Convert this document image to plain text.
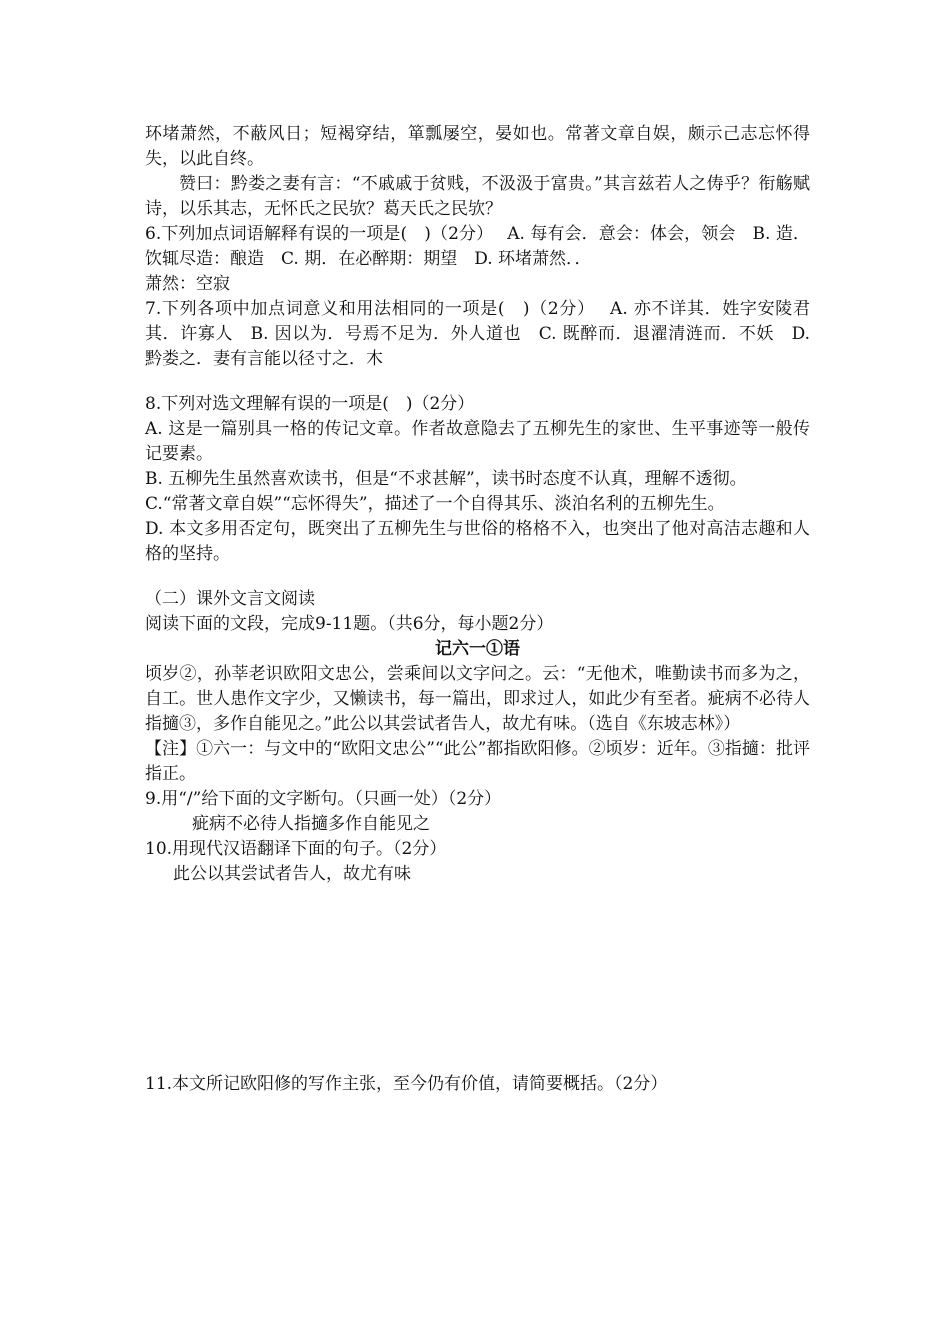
环堵萧然，不蔽风日；短褐穿结，箪瓢屡空，晏如也。常著文章自娱，颇示己志忘怀得失，以此自终。

赞曰：黔娄之妻有言：“不戚戚于贫贱，不汲汲于富贵。”其言兹若人之俦乎？衔觞赋诗，以乐其志，无怀氏之民欤？葛天氏之民欤？

6.下列加点词语解释有误的一项是(　)（2分）　 A. 每有会．意会：体会，领会　B. 造．饮辄尽造：酿造　C. 期．在必醉期：期望　D. 环堵萧然．．

萧然：空寂

7.下列各项中加点词意义和用法相同的一项是(　)（2分）　 A. 亦不详其．姓字安陵君其．许寡人　B. 因以为．号焉不足为．外人道也　C. 既醉而．退濯清涟而．不妖　D. 黔娄之．妻有言能以径寸之．木

8.下列对选文理解有误的一项是(　)（2分）

A. 这是一篇别具一格的传记文章。作者故意隐去了五柳先生的家世、生平事迹等一般传记要素。

B. 五柳先生虽然喜欢读书，但是“不求甚解”，读书时态度不认真，理解不透彻。

C.“常著文章自娱”“忘怀得失”，描述了一个自得其乐、淡泊名利的五柳先生。

D. 本文多用否定句，既突出了五柳先生与世俗的格格不入，也突出了他对高洁志趣和人格的坚持。

（二）课外文言文阅读

阅读下面的文段，完成9-11题。（共6分，每小题2分）

记六一①语

顷岁②，孙莘老识欧阳文忠公，尝乘间以文字问之。云：“无他术，唯勤读书而多为之，自工。世人患作文字少，又懒读书，每一篇出，即求过人，如此少有至者。疵病不必待人指擿③，多作自能见之。”此公以其尝试者告人，故尤有味。（选自《东坡志林》）

【注】①六一：与文中的“欧阳文忠公”“此公”都指欧阳修。②顷岁：近年。③指擿：批评指正。

9.用“/”给下面的文字断句。（只画一处）（2分）

疵病不必待人指擿多作自能见之

10.用现代汉语翻译下面的句子。（2分）

此公以其尝试者告人，故尤有味

11.本文所记欧阳修的写作主张，至今仍有价值，请简要概括。（2分）
